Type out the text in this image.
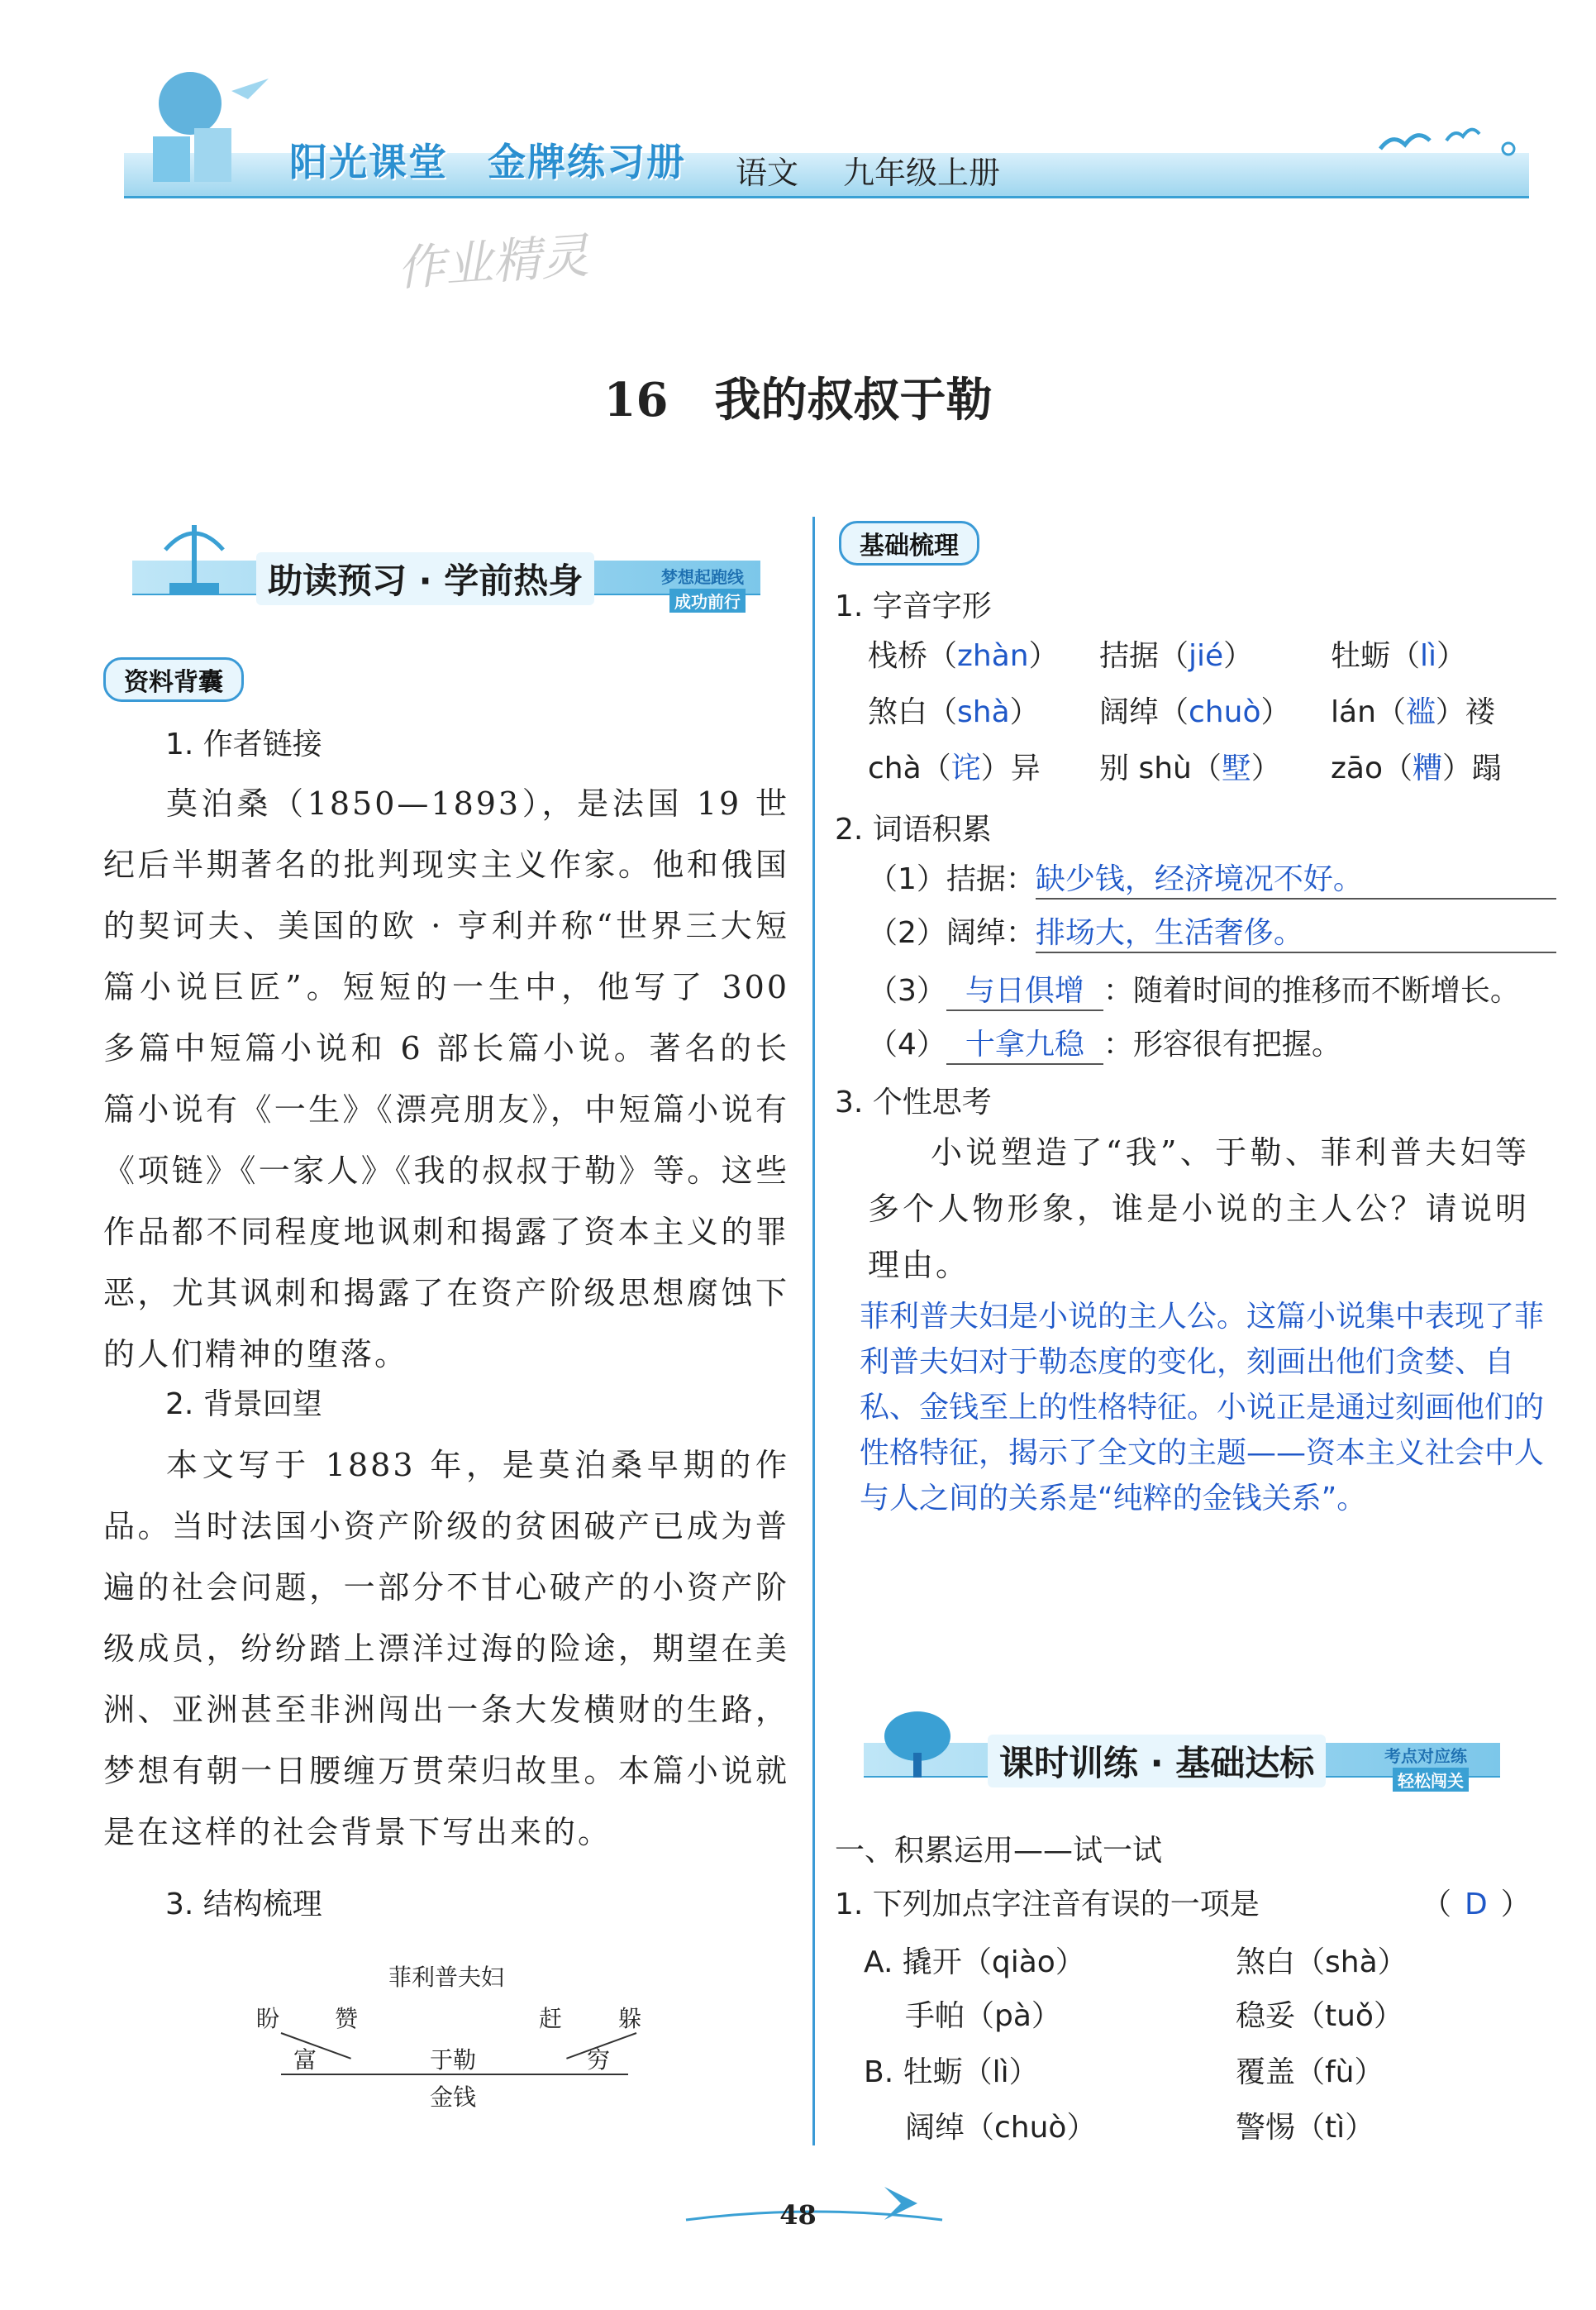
阳光课堂 金牌练习册 语文 九年级上册
作业精灵
16　我的叔叔于勒
助读预习 · 学前热身	梦想起跑线
成功前行
资料背囊
1. 作者链接
莫泊桑（1850—1893），是法国 19 世纪后半期著名的批判现实主义作家。他和俄国的契诃夫、美国的欧 · 亨利并称“世界三大短篇小说巨匠”。短短的一生中，他写了 300 多篇中短篇小说和 6 部长篇小说。著名的长篇小说有《一生》《漂亮朋友》，中短篇小说有《项链》《一家人》《我的叔叔于勒》等。这些作品都不同程度地讽刺和揭露了资本主义的罪恶，尤其讽刺和揭露了在资产阶级思想腐蚀下的人们精神的堕落。
2. 背景回望
本文写于 1883 年，是莫泊桑早期的作品。当时法国小资产阶级的贫困破产已成为普遍的社会问题，一部分不甘心破产的小资产阶级成员，纷纷踏上漂洋过海的险途，期望在美洲、亚洲甚至非洲闯出一条大发横财的生路，梦想有朝一日腰缠万贯荣归故里。本篇小说就是在这样的社会背景下写出来的。
3. 结构梳理
菲利普夫妇
盼 赞	赶 躲
富	于勒	穷
金钱
基础梳理
1. 字音字形
栈桥（zhàn） 拮据（jié）	牡蛎（lì）
煞白（shà） 阔绰（chuò） lán（褴）褛
chà（诧）异 别 shù（墅） zāo（糟）蹋
2. 词语积累
（1）拮据：缺少钱，经济境况不好。
（2）阔绰：排场大，生活奢侈。
（3） 与日俱增 ：随着时间的推移而不断增长。
（4） 十拿九稳 ：形容很有把握。
3. 个性思考
小说塑造了“我”、于勒、菲利普夫妇等多个人物形象，谁是小说的主人公？请说明理由。
菲利普夫妇是小说的主人公。这篇小说集中表现了菲利普夫妇对于勒态度的变化，刻画出他们贪婪、自私、金钱至上的性格特征。小说正是通过刻画他们的性格特征，揭示了全文的主题——资本主义社会中人与人之间的关系是“纯粹的金钱关系”。
课时训练 · 基础达标	考点对应练
轻松闯关
一、积累运用——试一试
1. 下列加点字注音有误的一项是	（ D ）
A. 撬开（qiào）	煞白（shà）
手帕（pà）	稳妥（tuǒ）
B. 牡蛎（lì）	覆盖（fù）
阔绰（chuò）	警惕（tì）
48
